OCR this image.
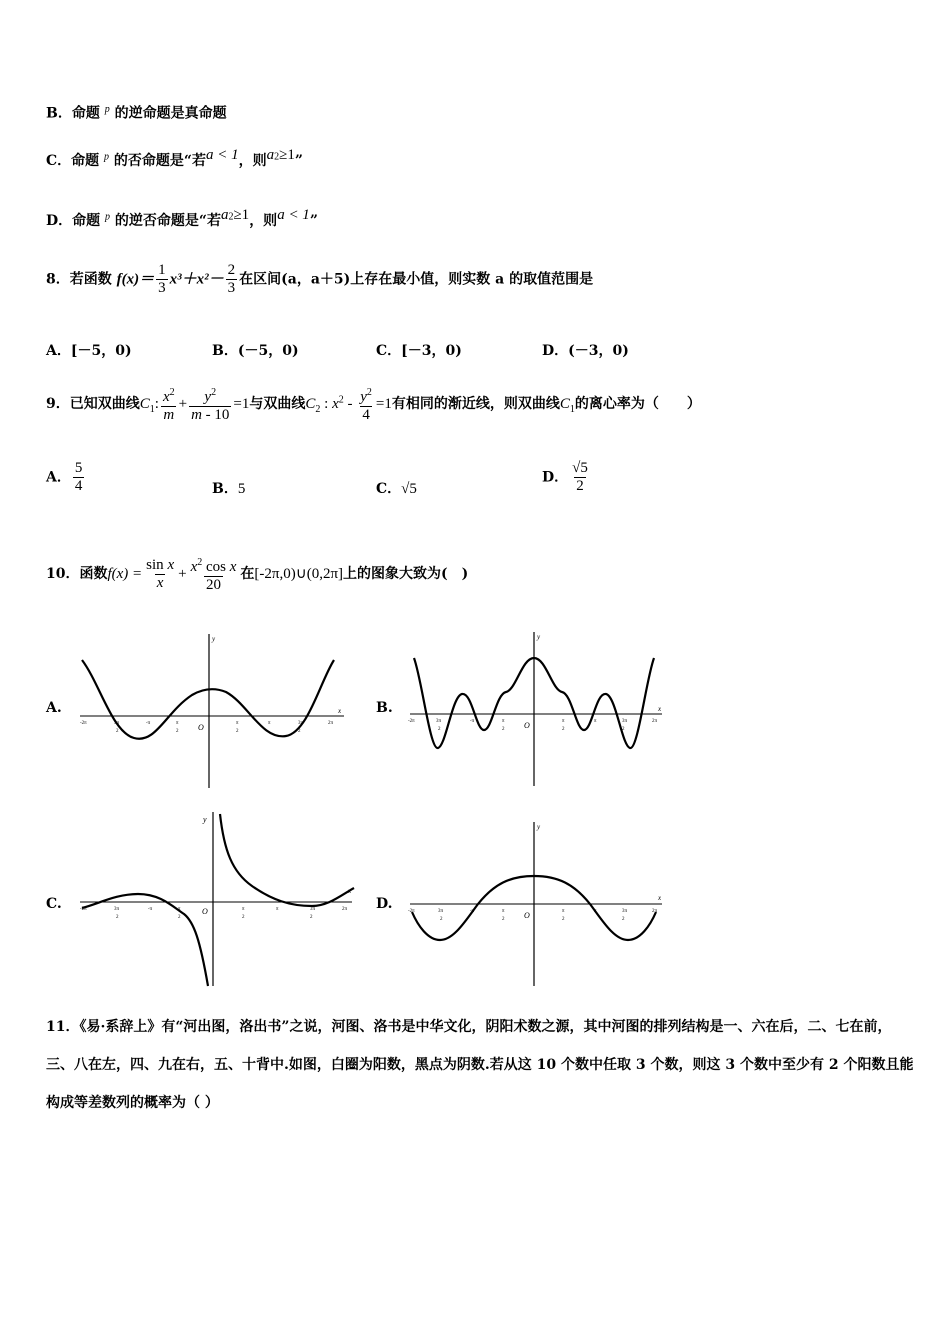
B．命题 $^p$ 的逆命题是真命题
C．命题 $^p$ 的否命题是“若a < 1，则$a^2\ge 1$”
D．命题 $^p$ 的逆否命题是“若$a^2\ge 1$，则a < 1”
8．若函数 $f(x)= \frac{1}{3} x^3+x^2- \frac{2}{3}$ 在区间(a，a＋5)上存在最小值，则实数 a 的取值范围是
A．[－5，0)	B．(－5，0)	C．[－3，0)	D．(－3，0)
9．已知双曲线$C_1$: $\frac{x^2}{m} + \frac{y^2}{m - 10} =1$与双曲线$C_2$ : $x^2 - \frac{y^2}{4} =1$有相同的渐近线，则双曲线$C_1$的离心率为（　　）
A． $\frac{5}{4}$	B．5	C．√5
D． $\frac{√5}{2}$
10．函数$f(x) = \frac{\text{sin x}}{x} + \frac{x^2 \cos x}{20}$ 在[-2π,0)∪(0,2π]上的图象大致为(　)
A.	B.
C.	D.
y
x
O
-2π	3π
2
-π	π
2
π
2
π	3π
2
2π
y
x
O
-2π	3π
2
-π	π
2
π
2
π	3π
2
2π
y
x
O
-2π	3π
2
-π	π
2
π
2
π	3π
2
2π
y
x
O
-2π	3π
2
-π	π
2
π
2
π	3π
2
2π
11．《易·系辞上》有“河出图，洛出书”之说，河图、洛书是中华文化，阴阳术数之源，其中河图的排列结构是一、六在后，二、七在前，三、八在左，四、九在右，五、十背中.如图，白圈为阳数，黑点为阴数.若从这 10 个数中任取 3 个数，则这 3 个数中至少有 2 个阳数且能构成等差数列的概率为（ ）
